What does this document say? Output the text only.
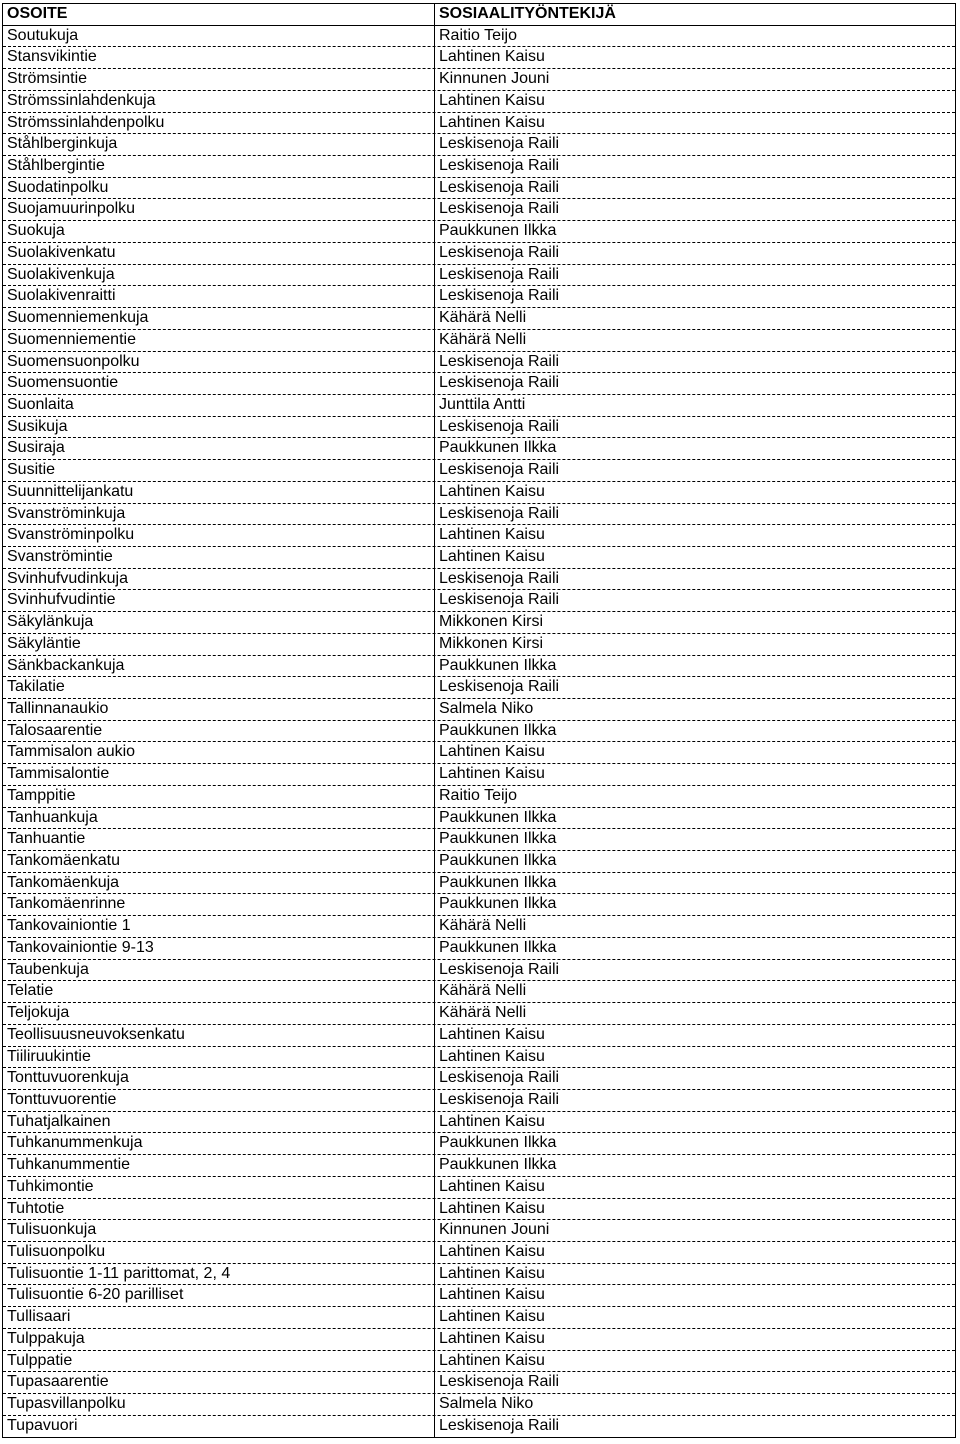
OSOITE	SOSIAALITYÖNTEKIJÄ
Soutukuja	Raitio Teijo
Stansvikintie	Lahtinen Kaisu
Strömsintie	Kinnunen Jouni
Strömssinlahdenkuja	Lahtinen Kaisu
Strömssinlahdenpolku	Lahtinen Kaisu
Ståhlberginkuja	Leskisenoja Raili
Ståhlbergintie	Leskisenoja Raili
Suodatinpolku	Leskisenoja Raili
Suojamuurinpolku	Leskisenoja Raili
Suokuja	Paukkunen Ilkka
Suolakivenkatu	Leskisenoja Raili
Suolakivenkuja	Leskisenoja Raili
Suolakivenraitti	Leskisenoja Raili
Suomenniemenkuja	Kähärä Nelli
Suomenniementie	Kähärä Nelli
Suomensuonpolku	Leskisenoja Raili
Suomensuontie	Leskisenoja Raili
Suonlaita	Junttila Antti
Susikuja	Leskisenoja Raili
Susiraja	Paukkunen Ilkka
Susitie	Leskisenoja Raili
Suunnittelijankatu	Lahtinen Kaisu
Svanströminkuja	Leskisenoja Raili
Svanströminpolku	Lahtinen Kaisu
Svanströmintie	Lahtinen Kaisu
Svinhufvudinkuja	Leskisenoja Raili
Svinhufvudintie	Leskisenoja Raili
Säkylänkuja	Mikkonen Kirsi
Säkyläntie	Mikkonen Kirsi
Sänkbackankuja	Paukkunen Ilkka
Takilatie	Leskisenoja Raili
Tallinnanaukio	Salmela Niko
Talosaarentie	Paukkunen Ilkka
Tammisalon aukio	Lahtinen Kaisu
Tammisalontie	Lahtinen Kaisu
Tamppitie	Raitio Teijo
Tanhuankuja	Paukkunen Ilkka
Tanhuantie	Paukkunen Ilkka
Tankomäenkatu	Paukkunen Ilkka
Tankomäenkuja	Paukkunen Ilkka
Tankomäenrinne	Paukkunen Ilkka
Tankovainiontie 1	Kähärä Nelli
Tankovainiontie 9-13	Paukkunen Ilkka
Taubenkuja	Leskisenoja Raili
Telatie	Kähärä Nelli
Teljokuja	Kähärä Nelli
Teollisuusneuvoksenkatu	Lahtinen Kaisu
Tiiliruukintie	Lahtinen Kaisu
Tonttuvuorenkuja	Leskisenoja Raili
Tonttuvuorentie	Leskisenoja Raili
Tuhatjalkainen	Lahtinen Kaisu
Tuhkanummenkuja	Paukkunen Ilkka
Tuhkanummentie	Paukkunen Ilkka
Tuhkimontie	Lahtinen Kaisu
Tuhtotie	Lahtinen Kaisu
Tulisuonkuja	Kinnunen Jouni
Tulisuonpolku	Lahtinen Kaisu
Tulisuontie 1-11 parittomat, 2, 4	Lahtinen Kaisu
Tulisuontie 6-20 parilliset	Lahtinen Kaisu
Tullisaari	Lahtinen Kaisu
Tulppakuja	Lahtinen Kaisu
Tulppatie	Lahtinen Kaisu
Tupasaarentie	Leskisenoja Raili
Tupasvillanpolku	Salmela Niko
Tupavuori	Leskisenoja Raili
